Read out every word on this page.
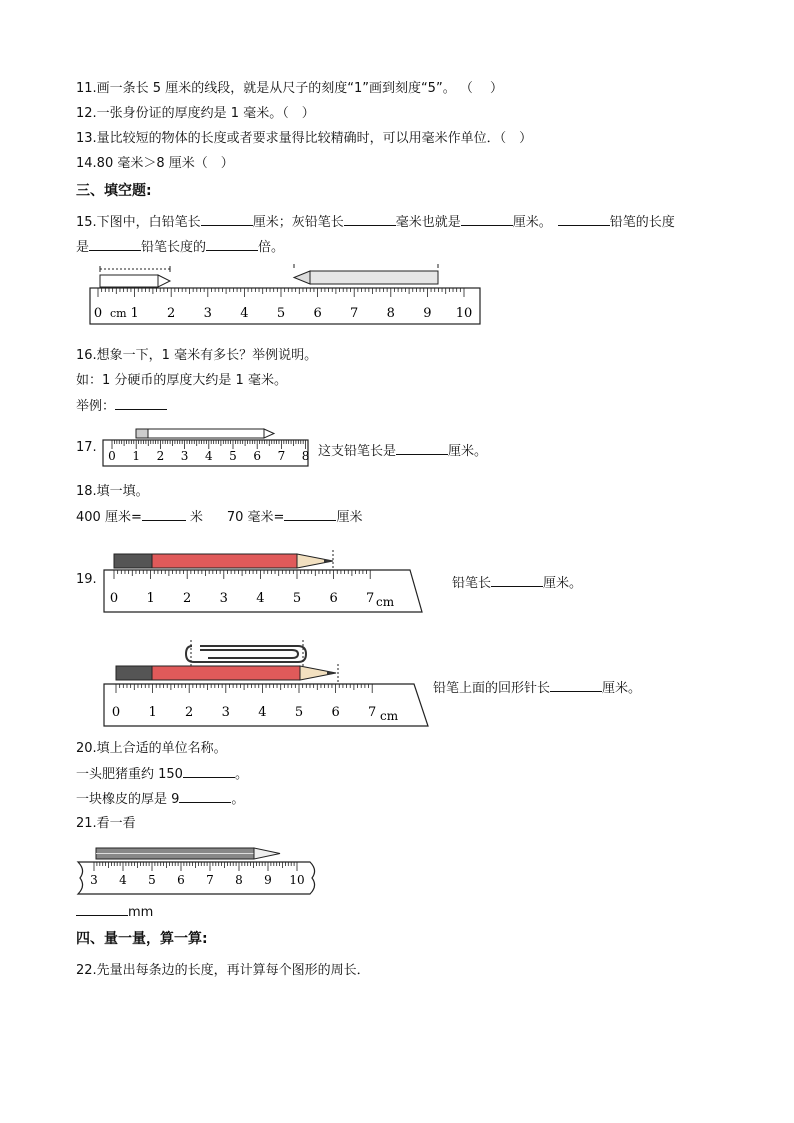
11.画一条长 5 厘米的线段，就是从尺子的刻度“1”画到刻度“5”。 （　 ）
12.一张身份证的厚度约是 1 毫米。（　）
13.量比较短的物体的长度或者要求量得比较精确时，可以用毫米作单位．（　）
14.80 毫米＞8 厘米（　）
三、填空题:
15.下图中，白铅笔长	厘米；灰铅笔长	毫米也就是	厘米。	铅笔的长度
是	铅笔长度的	倍。
0 1 2 3 4 5 6 7 8 9 10
cm
16.想象一下，1 毫米有多长？举例说明。
如：1 分硬币的厚度大约是 1 毫米。
举例：
17.
0 1 2 3 4 5 6 7 8 这支铅笔长是	厘米。
18.填一填。
400 厘米=	米 70 毫米=	厘米
19.
0 1 2 3 4 5 6 7 cm
铅笔长	厘米。
0 1 2 3 4 5 6 7 cm
铅笔上面的回形针长	厘米。
20.填上合适的单位名称。
一头肥猪重约 150	。
一块橡皮的厚是 9	。
21.看一看
3 4 5 6 7 8 9 10
mm
四、量一量，算一算:
22.先量出每条边的长度，再计算每个图形的周长．
